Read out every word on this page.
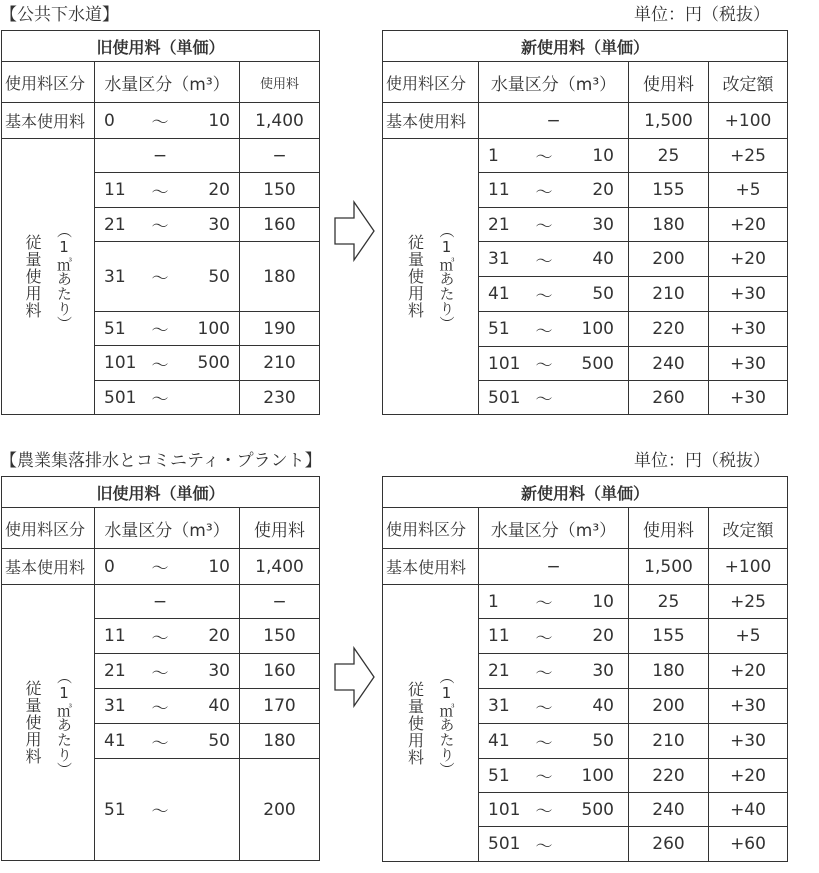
【公共下水道】	単位：円（税抜）
旧使用料（単価）		
使用料区分	水量区分（m³）	使用料
基本使用料	0 〜 10	1,400

従量使用料 （1㎥あたり）	−	−

	11 〜 20	150

	21 〜 30	160

	31 〜 50	180

	51 〜 100	190

	101 〜 500	210

	501 〜	230
新使用料（単価）			
使用料区分	水量区分（m³）	使用料	改定額
基本使用料	−	1,500	+100

従量使用料 （1㎥あたり）	1 〜 10	25	+25

	11 〜 20	155	+5

	21 〜 30	180	+20

	31 〜 40	200	+20

	41 〜 50	210	+30

	51 〜 100	220	+30

	101 〜 500	240	+30

	501 〜	260	+30
【農業集落排水とコミニティ・プラント】	単位：円（税抜）
旧使用料（単価）		
使用料区分	水量区分（m³）	使用料
基本使用料	0 〜 10	1,400

従量使用料 （1㎥あたり）	−	−

	11 〜 20	150

	21 〜 30	160

	31 〜 40	170

	41 〜 50	180

	51 〜	200
新使用料（単価）			
使用料区分	水量区分（m³）	使用料	改定額
基本使用料	−	1,500	+100

従量使用料 （1㎥あたり）	1 〜 10	25	+25

	11 〜 20	155	+5

	21 〜 30	180	+20

	31 〜 40	200	+30

	41 〜 50	210	+30

	51 〜 100	220	+20

	101 〜 500	240	+40

	501 〜	260	+60
